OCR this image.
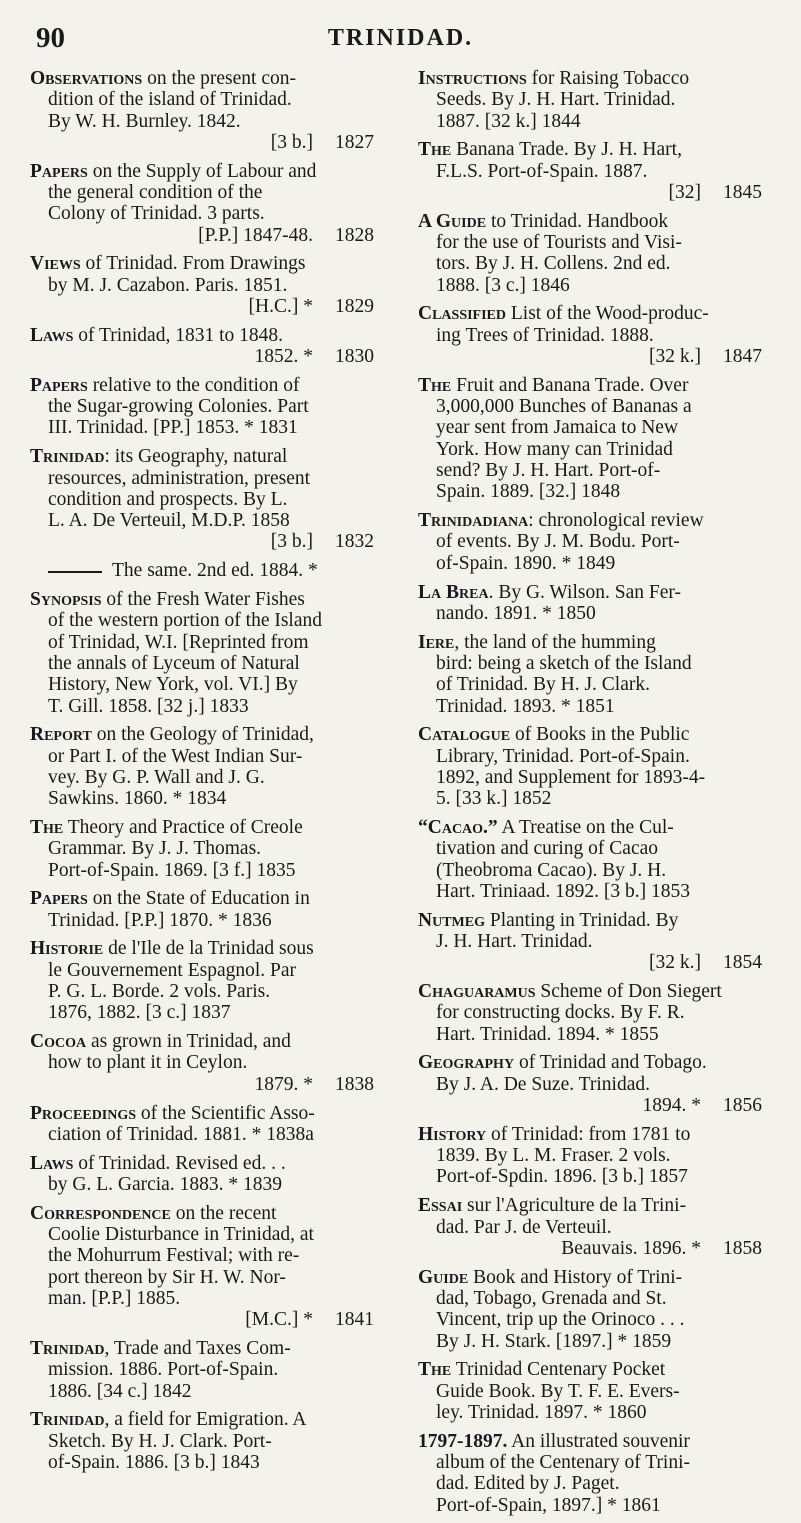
90	TRINIDAD.
Observations on the present con-
dition of the island of Trinidad.
By W. H. Burnley. 1842.
[3 b.] 1827
Papers on the Supply of Labour and
the general condition of the
Colony of Trinidad. 3 parts.
[P.P.] 1847-48. 1828
Views of Trinidad. From Drawings
by M. J. Cazabon. Paris. 1851.
[H.C.] * 1829
Laws of Trinidad, 1831 to 1848.
1852. * 1830
Papers relative to the condition of
the Sugar-growing Colonies. Part
III. Trinidad. [PP.] 1853. * 1831
Trinidad: its Geography, natural
resources, administration, present
condition and prospects. By L.
L. A. De Verteuil, M.D.P. 1858
[3 b.] 1832
The same. 2nd ed. 1884. *
Synopsis of the Fresh Water Fishes
of the western portion of the Island
of Trinidad, W.I. [Reprinted from
the annals of Lyceum of Natural
History, New York, vol. VI.] By
T. Gill. 1858. [32 j.] 1833
Report on the Geology of Trinidad,
or Part I. of the West Indian Sur-
vey. By G. P. Wall and J. G.
Sawkins. 1860. * 1834
The Theory and Practice of Creole
Grammar. By J. J. Thomas.
Port-of-Spain. 1869. [3 f.] 1835
Papers on the State of Education in
Trinidad. [P.P.] 1870. * 1836
Historie de l'Ile de la Trinidad sous
le Gouvernement Espagnol. Par
P. G. L. Borde. 2 vols. Paris.
1876, 1882. [3 c.] 1837
Cocoa as grown in Trinidad, and
how to plant it in Ceylon.
1879. * 1838
Proceedings of the Scientific Asso-
ciation of Trinidad. 1881. * 1838a
Laws of Trinidad. Revised ed. . .
by G. L. Garcia. 1883. * 1839
Correspondence on the recent
Coolie Disturbance in Trinidad, at
the Mohurrum Festival; with re-
port thereon by Sir H. W. Nor-
man. [P.P.] 1885.
[M.C.] * 1841
Trinidad, Trade and Taxes Com-
mission. 1886. Port-of-Spain.
1886. [34 c.] 1842
Trinidad, a field for Emigration. A
Sketch. By H. J. Clark. Port-
of-Spain. 1886. [3 b.] 1843
Instructions for Raising Tobacco
Seeds. By J. H. Hart. Trinidad.
1887. [32 k.] 1844
The Banana Trade. By J. H. Hart,
F.L.S. Port-of-Spain. 1887.
[32] 1845
A Guide to Trinidad. Handbook
for the use of Tourists and Visi-
tors. By J. H. Collens. 2nd ed.
1888. [3 c.] 1846
Classified List of the Wood-produc-
ing Trees of Trinidad. 1888.
[32 k.] 1847
The Fruit and Banana Trade. Over
3,000,000 Bunches of Bananas a
year sent from Jamaica to New
York. How many can Trinidad
send? By J. H. Hart. Port-of-
Spain. 1889. [32.] 1848
Trinidadiana: chronological review
of events. By J. M. Bodu. Port-
of-Spain. 1890. * 1849
La Brea. By G. Wilson. San Fer-
nando. 1891. * 1850
Iere, the land of the humming
bird: being a sketch of the Island
of Trinidad. By H. J. Clark.
Trinidad. 1893. * 1851
Catalogue of Books in the Public
Library, Trinidad. Port-of-Spain.
1892, and Supplement for 1893-4-
5. [33 k.] 1852
“Cacao.” A Treatise on the Cul-
tivation and curing of Cacao
(Theobroma Cacao). By J. H.
Hart. Triniaad. 1892. [3 b.] 1853
Nutmeg Planting in Trinidad. By
J. H. Hart. Trinidad.
[32 k.] 1854
Chaguaramus Scheme of Don Siegert
for constructing docks. By F. R.
Hart. Trinidad. 1894. * 1855
Geography of Trinidad and Tobago.
By J. A. De Suze. Trinidad.
1894. * 1856
History of Trinidad: from 1781 to
1839. By L. M. Fraser. 2 vols.
Port-of-Spdin. 1896. [3 b.] 1857
Essai sur l'Agriculture de la Trini-
dad. Par J. de Verteuil.
Beauvais. 1896. * 1858
Guide Book and History of Trini-
dad, Tobago, Grenada and St.
Vincent, trip up the Orinoco . . .
By J. H. Stark. [1897.] * 1859
The Trinidad Centenary Pocket
Guide Book. By T. F. E. Evers-
ley. Trinidad. 1897. * 1860
1797-1897. An illustrated souvenir
album of the Centenary of Trini-
dad. Edited by J. Paget.
Port-of-Spain, 1897.] * 1861
